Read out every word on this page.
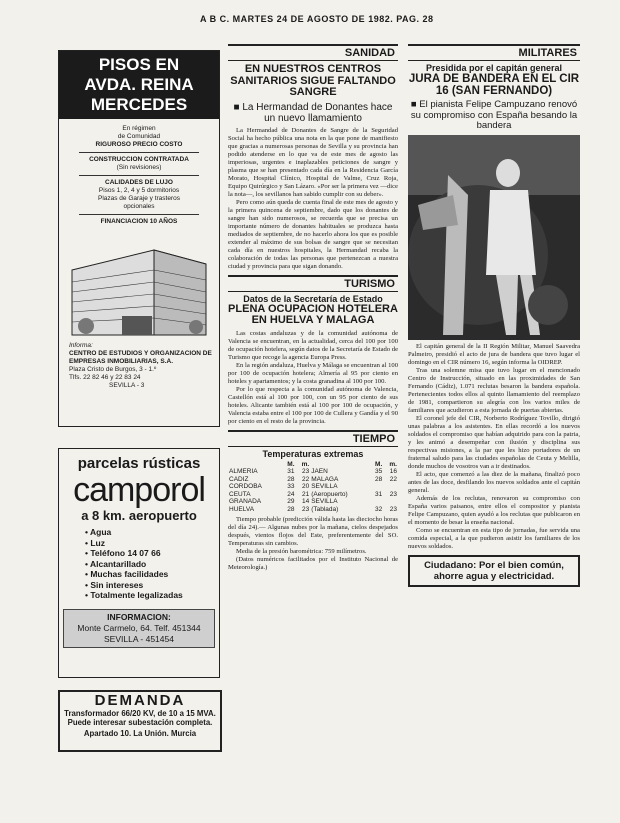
A B C. MARTES 24 DE AGOSTO DE 1982. PAG. 28
PISOS EN
AVDA. REINA
MERCEDES
En régimen
de Comunidad
RIGUROSO PRECIO COSTO
CONSTRUCCION CONTRATADA
(Sin revisiones)
CALIDADES DE LUJO
Pisos 1, 2, 4 y 5 dormitorios
Plazas de Garaje y trasteros
opcionales
FINANCIACION 10 AÑOS
Informa:
CENTRO DE ESTUDIOS Y ORGANIZACION DE
EMPRESAS INMOBILIARIAS, S.A.
Plaza Cristo de Burgos, 3 - 1.º
Tlfs. 22 82 46 y 22 83 24
SEVILLA - 3
parcelas rústicas
camporol
a 8 km. aeropuerto
• Agua
• Luz
• Teléfono 14 07 66
• Alcantarillado
• Muchas facilidades
• Sin intereses
• Totalmente legalizadas
INFORMACION:
Monte Carmelo, 64. Telf. 451344
SEVILLA - 451454
DEMANDA
Transformador 66/20 KV, de 10 a 15 MVA. Puede interesar subestación completa.
Apartado 10. La Unión. Murcia
SANIDAD
EN NUESTROS CENTROS SANITARIOS SIGUE FALTANDO SANGRE
■ La Hermandad de Donantes hace un nuevo llamamiento

La Hermandad de Donantes de Sangre de la Seguridad Social ha hecho pública una nota en la que pone de manifiesto que gracias a numerosas personas de Sevilla y su provincia han podido atenderse en lo que va de este mes de agosto las imperiosas, urgentes e inaplazables peticiones de sangre y plasma que se han presentado cada día en la Residencia García Morato, Hospital Clínico, Hospital de Valme, Cruz Roja, Equipo Quirúrgico y San Lázaro. «Por ser la primera vez —dice la nota—, los sevillanos han sabido cumplir con su deber».

Pero como aún queda de cuenta final de este mes de agosto y la primera quincena de septiembre, dado que los donantes de sangre han sido numerosos, se recuerda que se precisa un importante número de donantes habituales se produzca hasta mediados de septiembre, de no hacerlo ahora los que es posible extender al máximo de sus bolsas de sangre que se necesitan cada día en nuestros hospitales, la Hermandad recaba la colaboración de todas las personas que pertenezcan a nuestra ciudad y provincia para que sigan donando.

TURISMO
Datos de la Secretaría de Estado
PLENA OCUPACION HOTELERA EN HUELVA Y MALAGA

Las costas andaluzas y de la comunidad autónoma de Valencia se encuentran, en la actualidad, cerca del 100 por 100 de ocupación hotelera, según datos de la Secretaría de Estado de Turismo que recoge la agencia Europa Press.

En la región andaluza, Huelva y Málaga se encuentran al 100 por 100 de ocupación hotelera; Almería al 95 por ciento en hoteles y apartamentos; y la costa granadina al 100 por 100.

Por lo que respecta a la comunidad autónoma de Valencia, Castellón está al 100 por 100, con un 95 por ciento de sus hoteles. Alicante también está al 100 por 100 de ocupación, y Valencia estaba entre el 100 por 100 de Cullera y Gandía y el 90 por ciento en el resto de la provincia.

TIEMPO
Temperaturas extremas
	M.	m.		M.	m.
ALMERIA	31	23	JAEN	35	16
CADIZ	28	22	MALAGA	28	22
CORDOBA	33	20	SEVILLA		
CEUTA	24	21	(Aeropuerto)	31	23
GRANADA	29	14	SEVILLA		
HUELVA	28	23	(Tablada)	32	23

Tiempo probable (predicción válida hasta las dieciocho horas del día 24).— Algunas nubes por la mañana, cielos despejados después, vientos flojos del Este, preferentemente del SO. Temperaturas sin cambios.

Media de la presión barométrica: 759 milímetros.

(Datos numéricos facilitados por el Instituto Nacional de Meteorología.)

MILITARES
Presidida por el capitán general
JURA DE BANDERA EN EL CIR 16 (SAN FERNANDO)
■ El pianista Felipe Campuzano renovó su compromiso con España besando la bandera

El capitán general de la II Región Militar, Manuel Saavedra Palmeiro, presidió el acto de jura de bandera que tuvo lugar el domingo en el CIR número 16, según informa la OIDREP.

Tras una solemne misa que tuvo lugar en el mencionado Centro de Instrucción, situado en las proximidades de San Fernando (Cádiz), 1.071 reclutas besaron la bandera española. Pertenecientes todos ellos al quinto llamamiento del reemplazo de 1981, compartieron su alegría con los varios miles de familiares que acudieron a esta jornada de puertas abiertas.

El coronel jefe del CIR, Norberto Rodríguez Tovillo, dirigió unas palabras a los asistentes. En ellas recordó a los nuevos soldados el compromiso que habían adquirido para con la patria, y les animó a desempeñar con ilusión y disciplina sus respectivas misiones, a la par que les hizo portadores de un fraternal saludo para las ciudades españolas de Ceuta y Melilla, donde muchos de vosotros van a ir destinados.

El acto, que comenzó a las diez de la mañana, finalizó poco antes de las doce, desfilando los nuevos soldados ante el capitán general.

Además de los reclutas, renovaron su compromiso con España varios paisanos, entre ellos el compositor y pianista Felipe Campuzano, quien ayudó a los reclutas que publicaron en el momento de besar la enseña nacional.

Como se encuentran en esta tipo de jornadas, fue servida una comida especial, a la que pudieron asistir los familiares de los nuevos soldados.

Ciudadano: Por el bien común, ahorre agua y electricidad.
